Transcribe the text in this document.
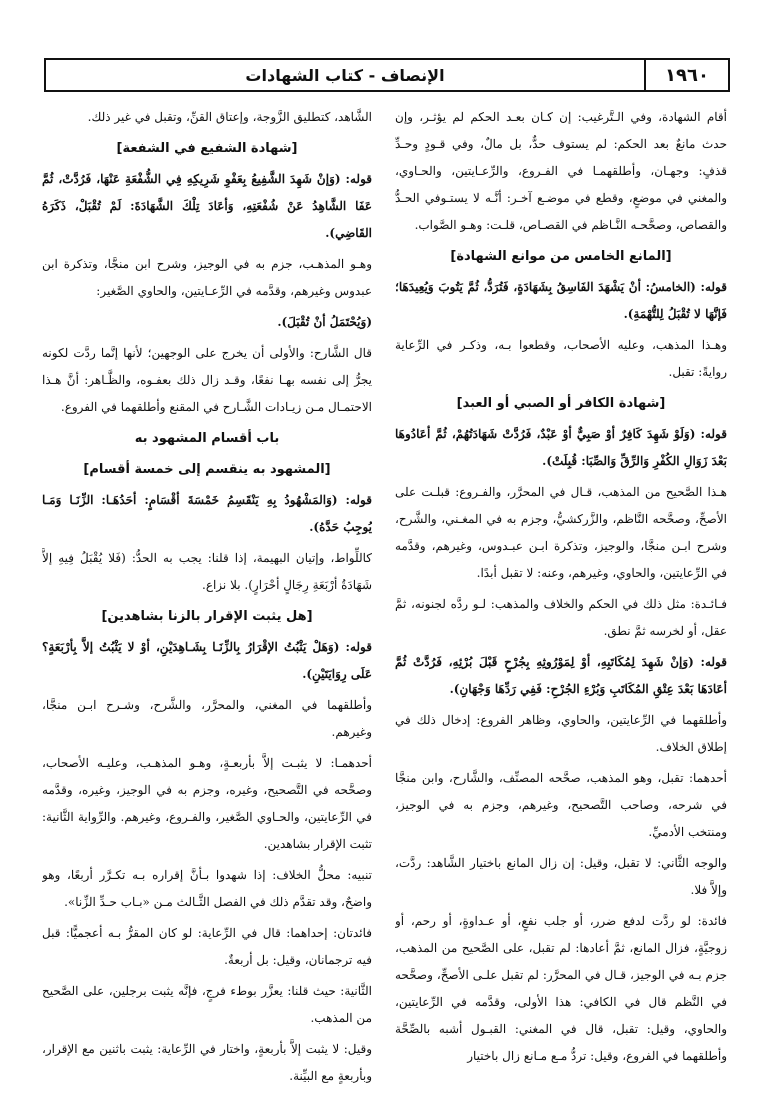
الإنصاف - كتاب الشهادات	١٩٦٠

أقام الشهادة، وفي الـتَّرغيب: إن كـان بعـد الحكم لم يؤثـر، وإن حدث مانعٌ بعد الحكم: لم يستوف حدٌّ، بل مالٌ، وفي قـودٍ وحـدِّ قذفٍ: وجهـان، وأطلقهمـا في الفـروع، والرِّعـايتين، والحـاوي، والمغني في موضعٍ، وقطع في موضـع آخـر: أنَّـه لا يستـوفي الحـدُّ والقصاص، وصحَّحـه النَّـاظم في القصـاص، قلـت: وهـو الصَّواب.

[المانع الخامس من موانع الشهادة]

قوله: (الخامسُ: أنْ يَشْهَدَ الفَاسِقُ بِشَهَادَةٍ، فَتُرَدُّ، ثُمَّ يَتُوبَ وَيُعِيدَهَا؛ فَإنَّهَا لا تُقْبَلُ لِلتُّهْمَةِ).

وهـذا المذهب، وعليه الأصحاب، وقطعوا بـه، وذكـر في الرِّعاية روايةً: تقبل.

[شهادة الكافر أو الصبي أو العبد]

قوله: (وَلَوْ شَهِدَ كَافِرٌ أوْ صَبِيٌّ أوْ عَبْدٌ، فَرُدَّتْ شَهَادَتُهُمْ، ثُمَّ أعَادُوهَا بَعْدَ زَوَالِ الكُفْرِ وَالرِّقِّ وَالصِّبَا: قُبِلَتْ).

هـذا الصَّحيح من المذهب، قـال في المحرَّر، والفـروع: قبلـت على الأصحِّ، وصحَّحه النَّاظم، والزَّركشيُّ، وجزم به في المغـني، والشَّرح، وشرح ابـن منجَّا، والوجيز، وتذكرة ابـن عبـدوس، وغيرهم، وقدَّمه في الرِّعايتين، والحاوي، وغيرهم، وعنه: لا تقبل أبدًا.

فـائـدة: مثل ذلك في الحكم والخلاف والمذهب: لـو ردَّه لجنونه، ثمَّ عقل، أو لخرسه ثمَّ نطق.

قوله: (وَإنْ شَهِدَ لِمُكَاتَبِهِ، أوْ لِمَوْرُوثِهِ بِجُرْحٍ قَبْلَ بُرْئِهِ، فَرُدَّتْ ثُمَّ أعَادَهَا بَعْدَ عِتْقِ المُكَاتَبِ وَبُرْءِ الجُرْحِ: فَفِي رَدِّهَا وَجْهَانِ).

وأطلقهما في الرِّعايتين، والحاوي، وظاهر الفروع: إدخال ذلك في إطلاق الخلاف.

أحدهما: تقبل، وهو المذهب، صحَّحه المصنِّف، والشَّارح، وابن منجَّا في شرحه، وصاحب التَّصحيح، وغيرهم، وجزم به في الوجيز، ومنتخب الأدميِّ.

والوجه الثَّاني: لا تقبل، وقيل: إن زال المانع باختيار الشَّاهد: ردَّت، وإلاَّ فلا.

فائدة: لو ردَّت لدفع ضرر، أو جلب نفعٍ، أو عـداوةٍ، أو رحم، أو زوجيَّةٍ، فزال المانع، ثمَّ أعادها: لم تقبل، على الصَّحيح من المذهب، جزم بـه في الوجيز، قـال في المحرَّر: لم تقبل علـى الأصحِّ، وصحَّحه في النَّظم قال في الكافي: هذا الأولى، وقدَّمه في الرِّعايتين، والحاوي، وقيل: تقبل، قال في المغني: القبـول أشبه بالصِّحَّة وأطلقهما في الفروع، وقيل: تردُّ مـع مـانع زال باختيار

الشَّاهد، كتطليق الزَّوجة، وإعتاق القنِّ، وتقبل في غير ذلك.

[شهادة الشفيع في الشفعة]

قوله: (وَإنْ شَهِدَ الشَّفِيعُ بِعَفْوِ شَرِيكِهِ فِي الشُّفْعَةِ عَنْهَا، فَرُدَّتْ، ثُمَّ عَفَا الشَّاهِدُ عَنْ شُفْعَتِهِ، وَأعَادَ تِلْكَ الشَّهَادَةَ: لَمْ تُقْبَلْ، ذَكَرَهُ القَاضِي).

وهـو المذهـب، جزم به في الوجيز، وشرح ابن منجَّا، وتذكرة ابن عبدوس وغيرهم، وقدَّمه في الرِّعـايتين، والحاوي الصَّغير:

(وَيُحْتَمَلُ أنْ تُقْبَلَ).

قال الشَّارح: والأولى أن يخرج على الوجهين؛ لأنها إنَّما ردَّت لكونه يجرُّ إلى نفسه بهـا نفعًا، وقـد زال ذلك بعفـوه، والظَّـاهر: أنَّ هـذا الاحتمـال مـن زيـادات الشَّـارح في المقنع وأطلقهما في الفروع.

باب أقسام المشهود به
[المشهود به ينقسم إلى خمسة أقسام]

قوله: (وَالمَشْهُودُ بِهِ يَنْقَسِمُ خَمْسَةَ أقْسَامٍ: أحَدُهَـا: الزِّنَـا وَمَـا يُوجِبُ حَدَّهُ).

كاللِّواط، وإتيان البهيمة، إذا قلنا: يجب به الحدُّ: (فَلا يُقْبَلُ فِيهِ إلاَّ شَهَادَةُ أرْبَعَةِ رِجَالٍ أحْرَارٍ). بلا نزاع.

[هل يثبت الإقرار بالزنا بشاهدين]

قوله: (وَهَلْ يَثْبُتُ الإقْرَارُ بِالزِّنَـا بِشَـاهِدَيْنِ، أوْ لا يَثْبُتُ إلاَّ بِأرْبَعَةٍ؟ عَلَى رِوَايَتَيْنِ).

وأطلقهما في المغني، والمحرَّر، والشَّرح، وشـرح ابـن منجَّا، وغيرهم.

أحدهمـا: لا يثبـت إلاَّ بأربعـةٍ، وهـو المذهـب، وعليـه الأصحاب، وصحَّحه في التَّصحيح، وغيره، وجزم به في الوجيز، وغيره، وقدَّمه في الرِّعايتين، والحـاوي الصَّغير، والفـروع، وغيرهم. والرِّواية الثَّانية: تثبت الإقرار بشاهدين.

تنبيه: محلُّ الخلاف: إذا شهدوا بـأنَّ إقراره بـه تكـرَّر أربعًا، وهو واضحٌ، وقد تقدَّم ذلك في الفصل الثَّـالث مـن «بـاب حـدِّ الزِّنا».

فائدتان: إحداهما: قال في الرِّعاية: لو كان المقرُّ بـه أعجميًّا: قبل فيه ترجمانان، وقيل: بل أربعةٌ.

الثَّانية: حيث قلنا: يعزَّر بوطء فرجٍ، فإنَّه يثبت برجلين، على الصَّحيح من المذهب.

وقيل: لا يثبت إلاَّ بأربعةٍ، واختار في الرِّعاية: يثبت باثنين مع الإقرار، وبأربعةٍ مع البيِّنة.
